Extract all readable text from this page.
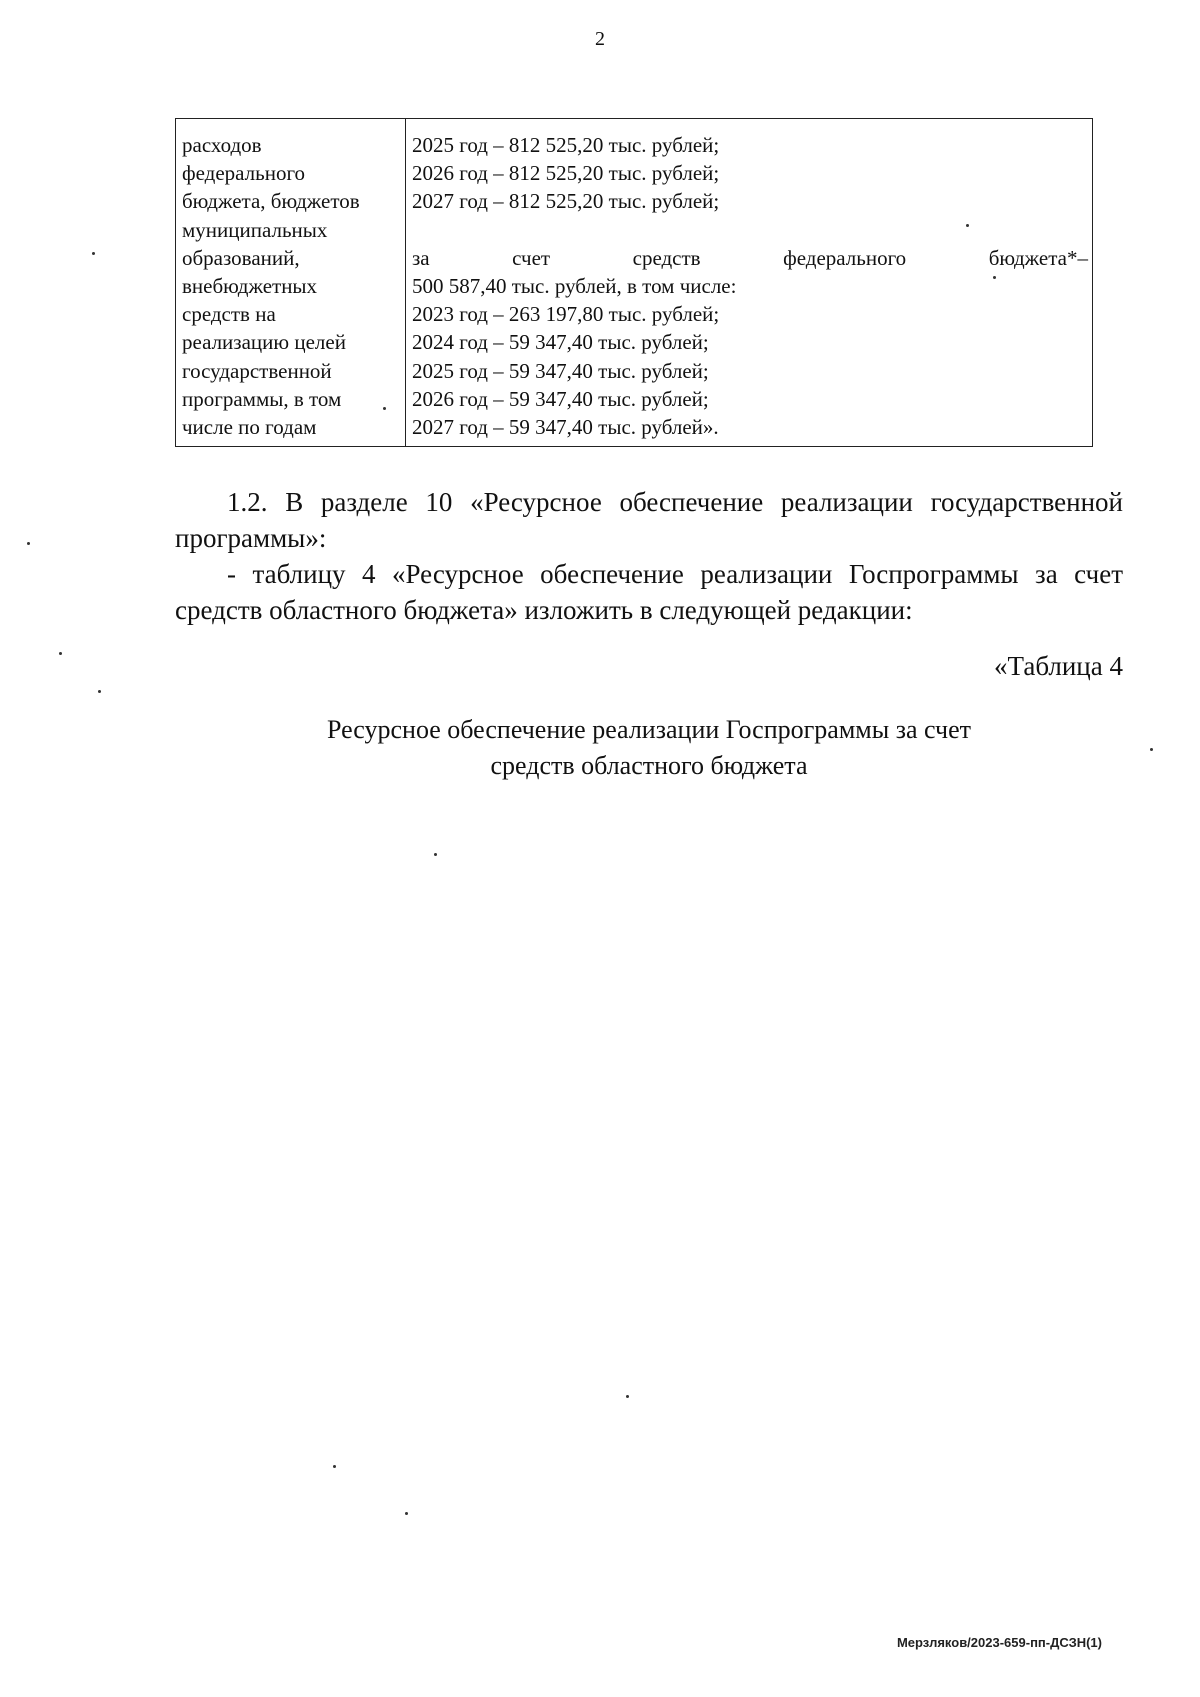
2
расходов
федерального
бюджета, бюджетов
муниципальных
образований,
внебюджетных
средств на
реализацию целей
государственной
программы, в том
числе по годам
2025 год – 812 525,20 тыс. рублей;
2026 год – 812 525,20 тыс. рублей;
2027 год – 812 525,20 тыс. рублей;
за счет средств федерального бюджета*–
500 587,40 тыс. рублей, в том числе:
2023 год – 263 197,80 тыс. рублей;
2024 год – 59 347,40 тыс. рублей;
2025 год – 59 347,40 тыс. рублей;
2026 год – 59 347,40 тыс. рублей;
2027 год – 59 347,40 тыс. рублей».
1.2. В разделе 10 «Ресурсное обеспечение реализации государственной программы»:
- таблицу 4 «Ресурсное обеспечение реализации Госпрограммы за счет средств областного бюджета» изложить в следующей редакции:
«Таблица 4
Ресурсное обеспечение реализации Госпрограммы за счет
средств областного бюджета
Мерзляков/2023-659-пп-ДСЗН(1)
